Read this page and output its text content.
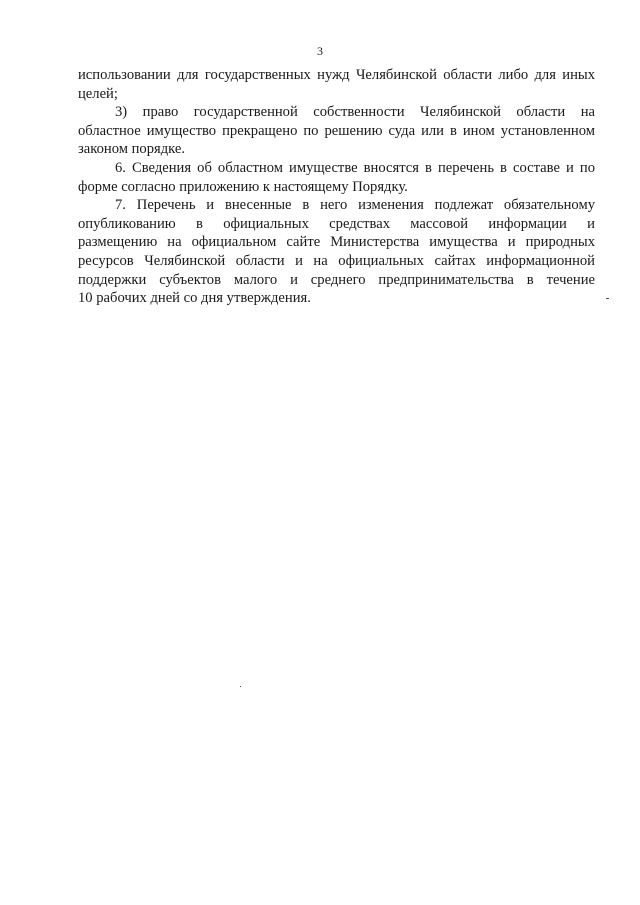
3
использовании для государственных нужд Челябинской области либо для иных
целей;
3) право государственной собственности Челябинской области на
областное имущество прекращено по решению суда или в ином установленном
законом порядке.
6. Сведения об областном имуществе вносятся в перечень в составе и по
форме согласно приложению к настоящему Порядку.
7. Перечень и внесенные в него изменения подлежат обязательному
опубликованию в официальных средствах массовой информации и
размещению на официальном сайте Министерства имущества и природных
ресурсов Челябинской области и на официальных сайтах информационной
поддержки субъектов малого и среднего предпринимательства в течение
10 рабочих дней со дня утверждения.
